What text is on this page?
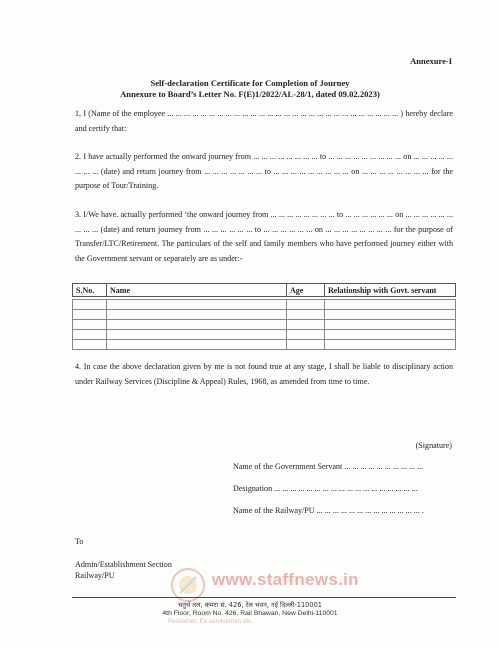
Annexure-I
Self-declaration Certificate for Completion of Journey
Annexure to Board’s Letter No. F(E)1/2022/AL-28/1, dated 09.02.2023)
1, I (Name of the employee ... ... ... ... ... ... ... ... ... ... ... ... ... ... ... ... ... ... ... ... ... ... ... ... ... ... ... ... ) hereby declare and certify that:
2. I have actually performed the onward journey from ... ... ... ... ... ... ... ... to ... ... ... ... ... ... ... ... ... on ... ... ... ... ... ... ... ... (date) and return journey from ... ... ... ... ... ... ... to ... ... ... ... ... ... ... ... ... on ... ... ... ... ... ... ... ... for the purpose of Tour/Training.
3. I/We have. actually performed ‘the onward journey from ... ... ... ... ... ... ... ... to ... ... ... ... ... ... on ... ... ... ... ... ... ... ... ... (date) and return journey from ... ... ... ... ... ... to ... ... ... ... ... ... on ... ... ... ... ... ... ... ... for the purpose of Transfer/LTC/Retirement. The particulars of the self and family members who have performed journey either with the Government servant or separately are as under:-
S.No.	Name	Age	Relationship with Govt. servant

4. In case the above declaration given by me is not found true at any stage, I shall be liable to disciplinary action under Railway Services (Discipline & Appeal) Rules, 1968, as amended from time to time.
(Signature)
Name of the Government Servant ... ... ... ... ... ... ... ... ... ...
Designation ... ... ... ... ... ... ... ... ... ... ... ... ... ... ... ... ... ...
Name of the Railway/PU ... ... ... ... ... ... ... ... ... ... ... ... ... .
To
Admin/Establishment Section
Railway/PU	www.staffnews.in
चतुर्थ तल, कमरा सं. 426, रेल भवन, नई दिल्ली-110001
4th Floor, Room No. 426, Rail Bhawan, New Delhi-110001
Pensioner, Ex-servicemen etc.
